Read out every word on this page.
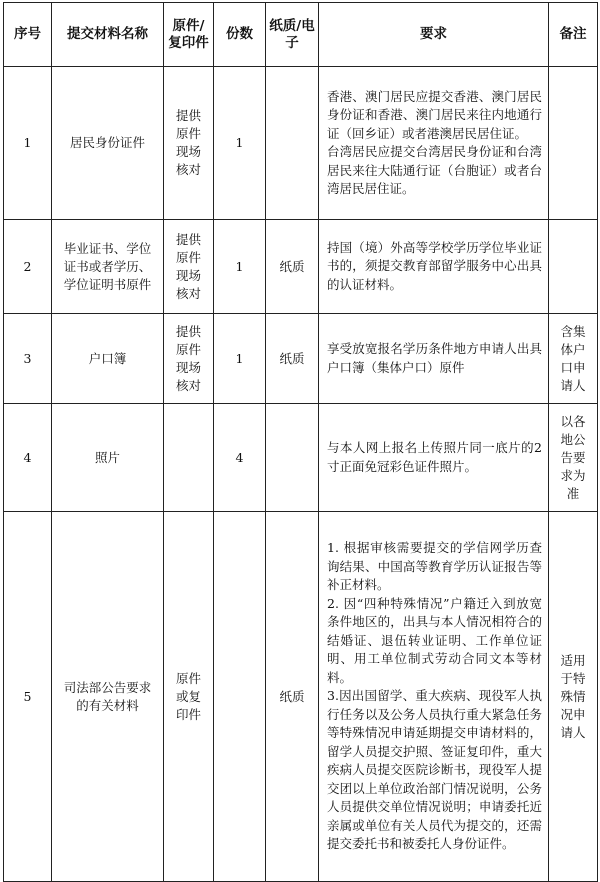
序号	提交材料名称	原件/复印件	份数	纸质/电子	要求	备注
1	居民身份证件	提供原件现场核对	1		香港、澳门居民应提交香港、澳门居民身份证和香港、澳门居民来往内地通行证（回乡证）或者港澳居民居住证。

台湾居民应提交台湾居民身份证和台湾居民来往大陆通行证（台胞证）或者台湾居民居住证。	

2	毕业证书、学位证书或者学历、学位证明书原件	提供原件现场核对	1	纸质	持国（境）外高等学校学历学位毕业证书的，须提交教育部留学服务中心出具的认证材料。	

3	户口簿	提供原件现场核对	1	纸质	享受放宽报名学历条件地方申请人出具户口簿（集体户口）原件	含集体户口申请人
4	照片		4		与本人网上报名上传照片同一底片的2寸正面免冠彩色证件照片。	以各地公告要求为准
5	司法部公告要求的有关材料	原件或复印件		纸质	1. 根据审核需要提交的学信网学历查询结果、中国高等教育学历认证报告等补正材料。

2. 因“四种特殊情况”户籍迁入到放宽条件地区的，出具与本人情况相符合的结婚证、退伍转业证明、工作单位证明、用工单位制式劳动合同文本等材料。

3.因出国留学、重大疾病、现役军人执行任务以及公务人员执行重大紧急任务等特殊情况申请延期提交申请材料的，留学人员提交护照、签证复印件，重大疾病人员提交医院诊断书，现役军人提交团以上单位政治部门情况说明，公务人员提供交单位情况说明；申请委托近亲属或单位有关人员代为提交的，还需提交委托书和被委托人身份证件。	适用于特殊情况申请人
